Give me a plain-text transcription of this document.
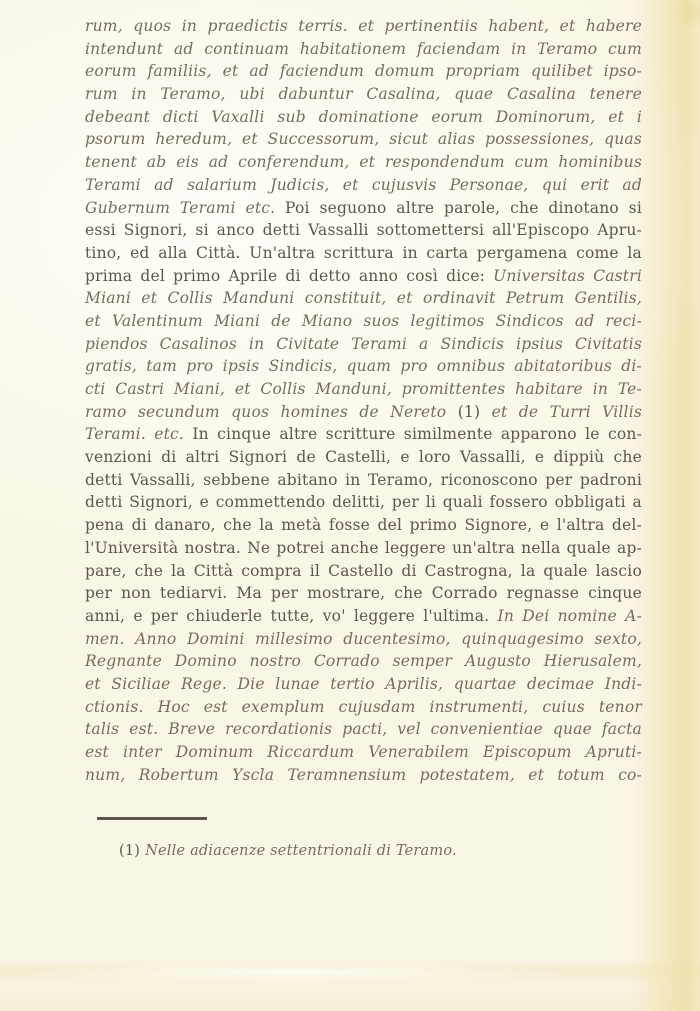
rum, quos in praedictis terris. et pertinentiis habent, et habere
intendunt ad continuam habitationem faciendam in Teramo cum
eorum familiis, et ad faciendum domum propriam quilibet ipso-
rum in Teramo, ubi dabuntur Casalina, quae Casalina tenere
debeant dicti Vaxalli sub dominatione eorum Dominorum, et i
psorum heredum, et Successorum, sicut alias possessiones, quas
tenent ab eis ad conferendum, et respondendum cum hominibus
Terami ad salarium Judicis, et cujusvis Personae, qui erit ad
Gubernum Terami etc. Poi seguono altre parole, che dinotano si
essi Signori, si anco detti Vassalli sottomettersi all'Episcopo Apru-
tino, ed alla Città. Un'altra scrittura in carta pergamena come la
prima del primo Aprile di detto anno così dice: Universitas Castri
Miani et Collis Manduni constituit, et ordinavit Petrum Gentilis,
et Valentinum Miani de Miano suos legitimos Sindicos ad reci-
piendos Casalinos in Civitate Terami a Sindicis ipsius Civitatis
gratis, tam pro ipsis Sindicis, quam pro omnibus abitatoribus di-
cti Castri Miani, et Collis Manduni, promittentes habitare in Te-
ramo secundum quos homines de Nereto (1) et de Turri Villis
Terami. etc. In cinque altre scritture similmente apparono le con-
venzioni di altri Signori de Castelli, e loro Vassalli, e dippiù che
detti Vassalli, sebbene abitano in Teramo, riconoscono per padroni
detti Signori, e commettendo delitti, per li quali fossero obbligati a
pena di danaro, che la metà fosse del primo Signore, e l'altra del-
l'Università nostra. Ne potrei anche leggere un'altra nella quale ap-
pare, che la Città compra il Castello di Castrogna, la quale lascio
per non tediarvi. Ma per mostrare, che Corrado regnasse cinque
anni, e per chiuderle tutte, vo' leggere l'ultima. In Dei nomine A-
men. Anno Domini millesimo ducentesimo, quinquagesimo sexto,
Regnante Domino nostro Corrado semper Augusto Hierusalem,
et Siciliae Rege. Die lunae tertio Aprilis, quartae decimae Indi-
ctionis. Hoc est exemplum cujusdam instrumenti, cuius tenor
talis est. Breve recordationis pacti, vel convenientiae quae facta
est inter Dominum Riccardum Venerabilem Episcopum Apruti-
num, Robertum Yscla Teramnensium potestatem, et totum co-
(1) Nelle adiacenze settentrionali di Teramo.
